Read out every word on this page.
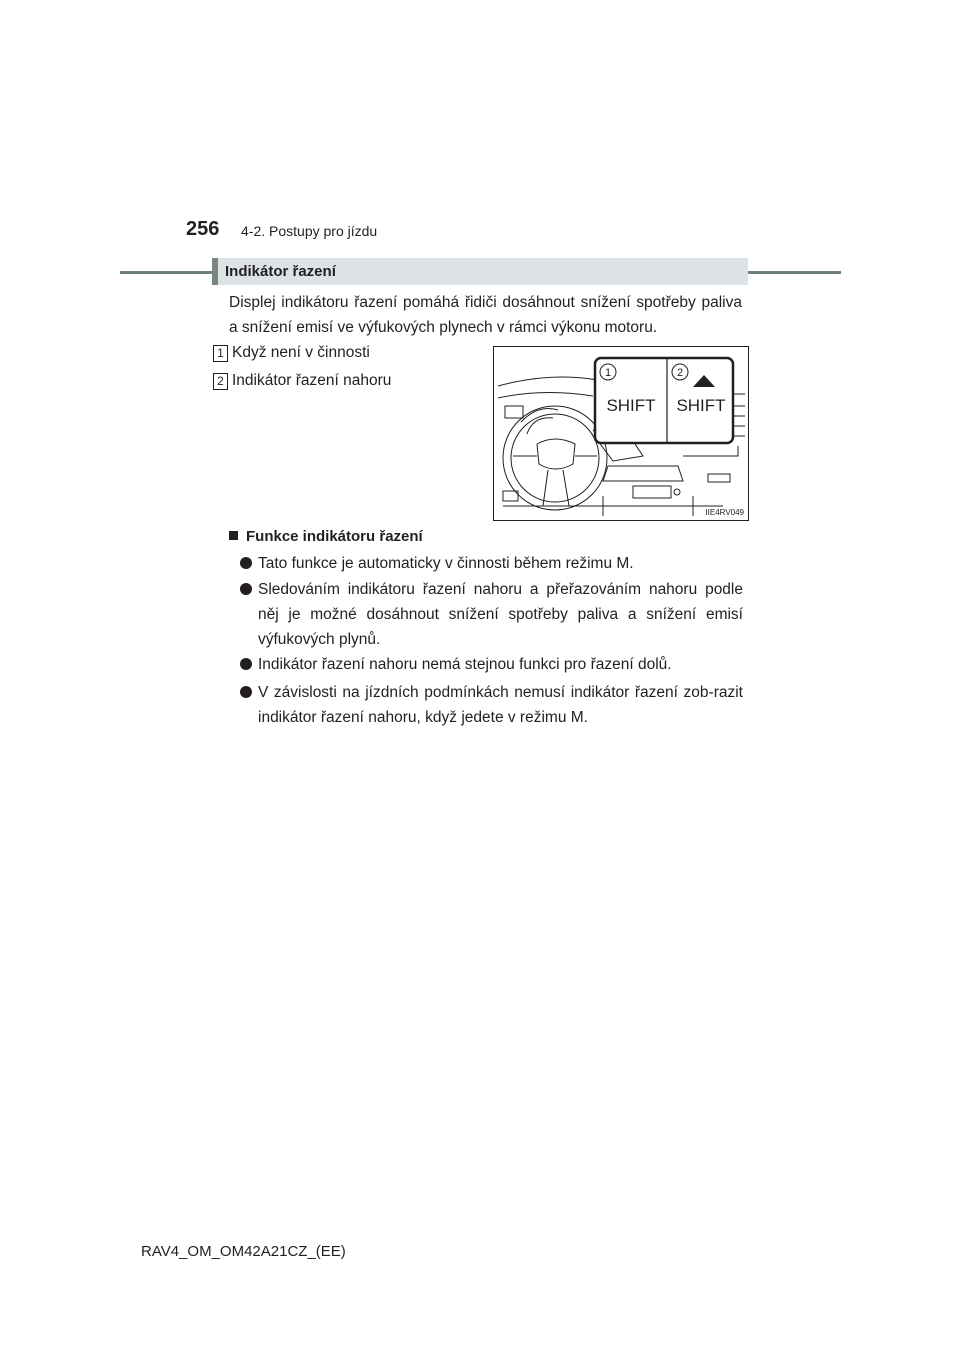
256 4-2. Postupy pro jízdu
Indikátor řazení
Displej indikátoru řazení pomáhá řidiči dosáhnout snížení spotřeby paliva a snížení emisí ve výfukových plynech v rámci výkonu motoru.
1 Když není v činnosti
2 Indikátor řazení nahoru	1	2
SHIFT SHIFT
IIE4RV049
Funkce indikátoru řazení
Tato funkce je automaticky v činnosti během režimu M.
Sledováním indikátoru řazení nahoru a přeřazováním nahoru podle něj je možné dosáhnout snížení spotřeby paliva a snížení emisí výfukových plynů.
Indikátor řazení nahoru nemá stejnou funkci pro řazení dolů.
V závislosti na jízdních podmínkách nemusí indikátor řazení zob-razit indikátor řazení nahoru, když jedete v režimu M.
RAV4_OM_OM42A21CZ_(EE)
